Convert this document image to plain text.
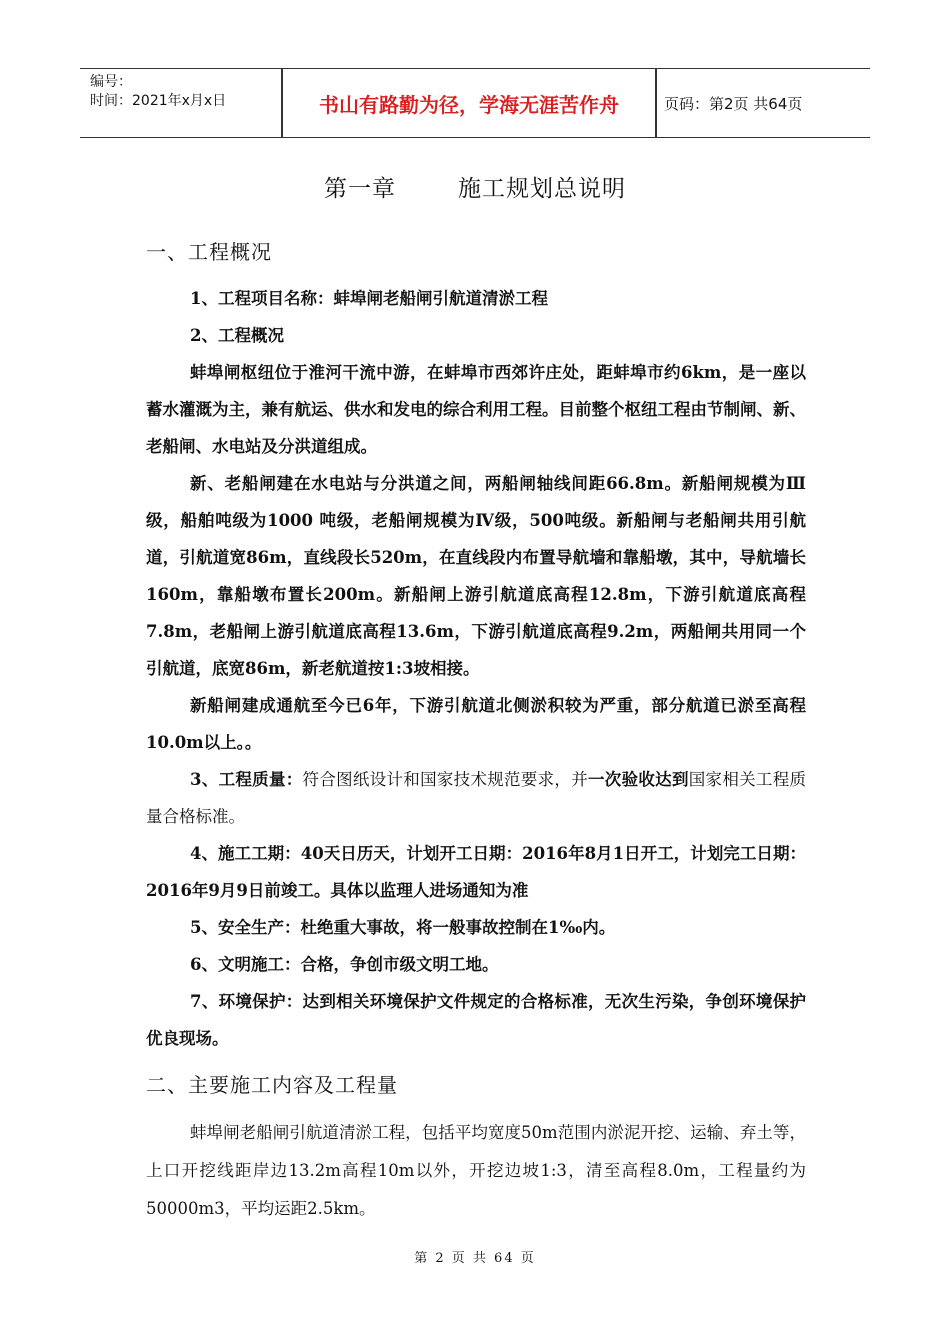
编号：
时间：2021年x月x日	书山有路勤为径，学海无涯苦作舟	页码：第2页 共64页
第一章	施工规划总说明
一、工程概况

1、工程项目名称：蚌埠闸老船闸引航道清淤工程

2、工程概况

蚌埠闸枢纽位于淮河干流中游，在蚌埠市西郊许庄处，距蚌埠市约6km，是一座以蓄水灌溉为主，兼有航运、供水和发电的综合利用工程。目前整个枢纽工程由节制闸、新、老船闸、水电站及分洪道组成。

新、老船闸建在水电站与分洪道之间，两船闸轴线间距66.8m。新船闸规模为Ⅲ级，船舶吨级为1000 吨级，老船闸规模为Ⅳ级，500吨级。新船闸与老船闸共用引航道，引航道宽86m，直线段长520m，在直线段内布置导航墙和靠船墩，其中，导航墙长160m，靠船墩布置长200m。新船闸上游引航道底高程12.8m，下游引航道底高程7.8m，老船闸上游引航道底高程13.6m，下游引航道底高程9.2m，两船闸共用同一个引航道，底宽86m，新老航道按1:3坡相接。

新船闸建成通航至今已6年，下游引航道北侧淤积较为严重，部分航道已淤至高程10.0m以上。。

3、工程质量：符合图纸设计和国家技术规范要求，并一次验收达到国家相关工程质量合格标准。

4、施工工期：40天日历天，计划开工日期：2016年8月1日开工，计划完工日期：2016年9月9日前竣工。具体以监理人进场通知为准

5、安全生产：杜绝重大事故，将一般事故控制在1‰内。

6、文明施工：合格，争创市级文明工地。

7、环境保护：达到相关环境保护文件规定的合格标准，无次生污染，争创环境保护优良现场。

二、主要施工内容及工程量

蚌埠闸老船闸引航道清淤工程，包括平均宽度50m范围内淤泥开挖、运输、弃土等，上口开挖线距岸边13.2m高程10m以外，开挖边坡1:3，清至高程8.0m，工程量约为50000m3，平均运距2.5km。

第 2 页 共 64 页
